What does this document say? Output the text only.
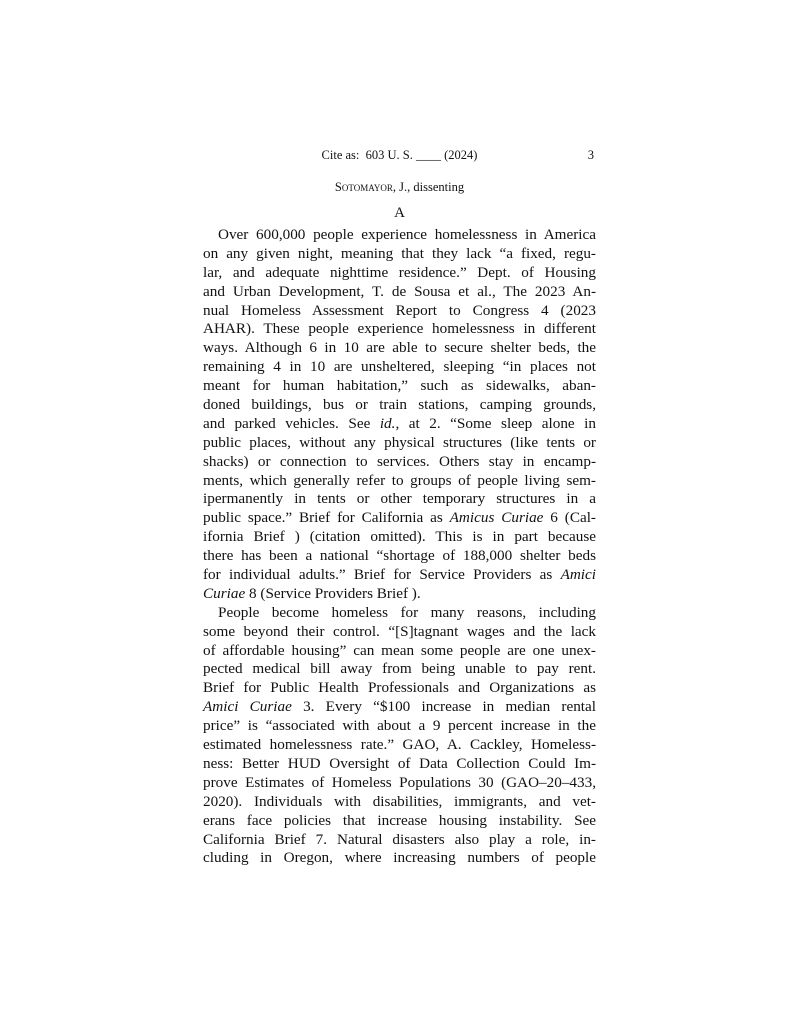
Cite as:  603 U. S. ____ (2024)	3
Sotomayor, J., dissenting
A
Over 600,000 people experience homelessness in America
on any given night, meaning that they lack “a fixed, regu-
lar, and adequate nighttime residence.” Dept. of Housing
and Urban Development, T. de Sousa et al., The 2023 An-
nual Homeless Assessment Report to Congress 4 (2023
AHAR). These people experience homelessness in different
ways. Although 6 in 10 are able to secure shelter beds, the
remaining 4 in 10 are unsheltered, sleeping “in places not
meant for human habitation,” such as sidewalks, aban-
doned buildings, bus or train stations, camping grounds,
and parked vehicles. See id., at 2. “Some sleep alone in
public places, without any physical structures (like tents or
shacks) or connection to services. Others stay in encamp-
ments, which generally refer to groups of people living sem-
ipermanently in tents or other temporary structures in a
public space.” Brief for California as Amicus Curiae 6 (Cal-
ifornia Brief ) (citation omitted). This is in part because
there has been a national “shortage of 188,000 shelter beds
for individual adults.” Brief for Service Providers as Amici
Curiae 8 (Service Providers Brief ).
People become homeless for many reasons, including
some beyond their control. “[S]tagnant wages and the lack
of affordable housing” can mean some people are one unex-
pected medical bill away from being unable to pay rent.
Brief for Public Health Professionals and Organizations as
Amici Curiae 3. Every “$100 increase in median rental
price” is “associated with about a 9 percent increase in the
estimated homelessness rate.” GAO, A. Cackley, Homeless-
ness: Better HUD Oversight of Data Collection Could Im-
prove Estimates of Homeless Populations 30 (GAO–20–433,
2020). Individuals with disabilities, immigrants, and vet-
erans face policies that increase housing instability. See
California Brief 7. Natural disasters also play a role, in-
cluding in Oregon, where increasing numbers of people
